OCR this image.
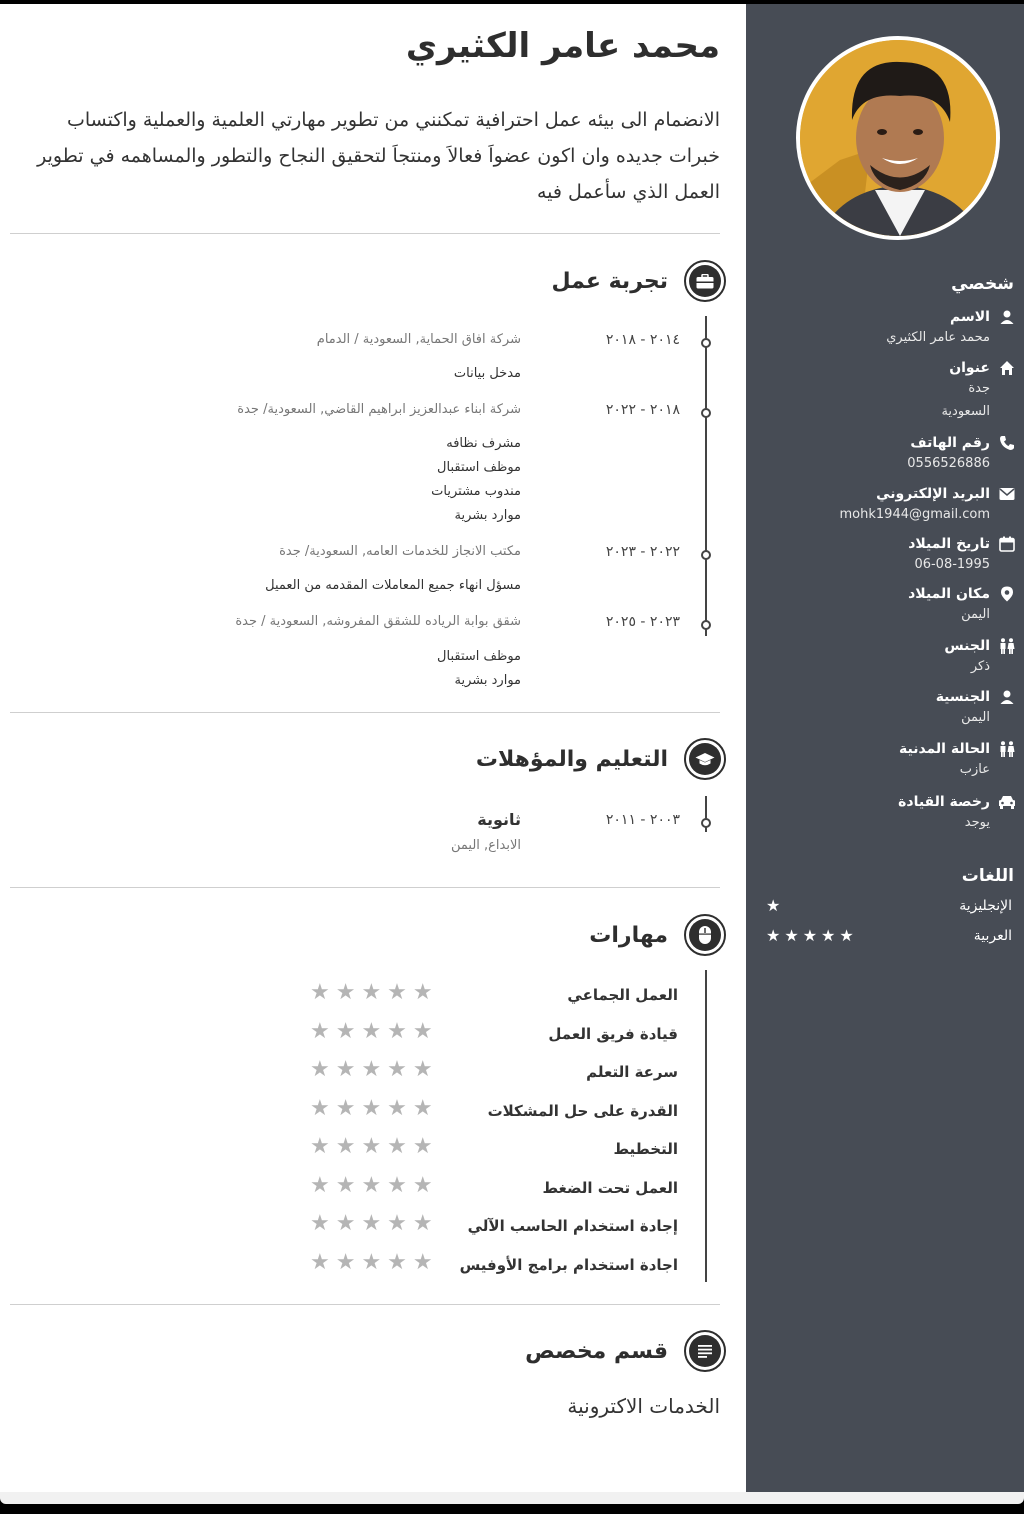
شخصي
الاسم
محمد عامر الكثيري
عنوان
جدة
السعودية
رقم الهاتف
0556526886
البريد الإلكتروني
mohk1944@gmail.com
تاريخ الميلاد
06-08-1995
مكان الميلاد
اليمن
الجنس
ذكر
الجنسية
اليمن
الحالة المدنية
عازب
رخصة القيادة
يوجد
اللغات
الإنجليزية
★
العربية
★★★★★
محمد عامر الكثيري
الانضمام الى بيئه عمل احترافية تمكنني من تطوير مهارتي العلمية والعملية واكتساب خبرات جديده وان اكون عضواَ فعالاَ ومنتجاَ لتحقيق النجاح والتطور والمساهمه في تطوير العمل الذي سأعمل فيه
تجربة عمل
٢٠١٤ - ٢٠١٨
شركة افاق الحماية, السعودية / الدمام
مدخل بيانات
٢٠١٨ - ٢٠٢٢
شركة ابناء عبدالعزيز ابراهيم القاضي, السعودية/ جدة
مشرف نظافه
موظف استقبال
مندوب مشتريات
موارد بشرية
٢٠٢٢ - ٢٠٢٣
مكتب الانجاز للخدمات العامه, السعودية/ جدة
مسؤل انهاء جميع المعاملات المقدمه من العميل
٢٠٢٣ - ٢٠٢٥
شقق بوابة الرياده للشقق المفروشه, السعودية / جدة
موظف استقبال
موارد بشرية
التعليم والمؤهلات
٢٠٠٣ - ٢٠١١
ثانوية
الابداع, اليمن
مهارات
العمل الجماعي
★★★★★
قيادة فريق العمل
★★★★★
سرعة التعلم
★★★★★
القدرة على حل المشكلات
★★★★★
التخطيط
★★★★★
العمل تحت الضغط
★★★★★
إجادة استخدام الحاسب الآلي
★★★★★
اجادة استخدام برامج الأوفيس
★★★★★
قسم مخصص
الخدمات الاكترونية
